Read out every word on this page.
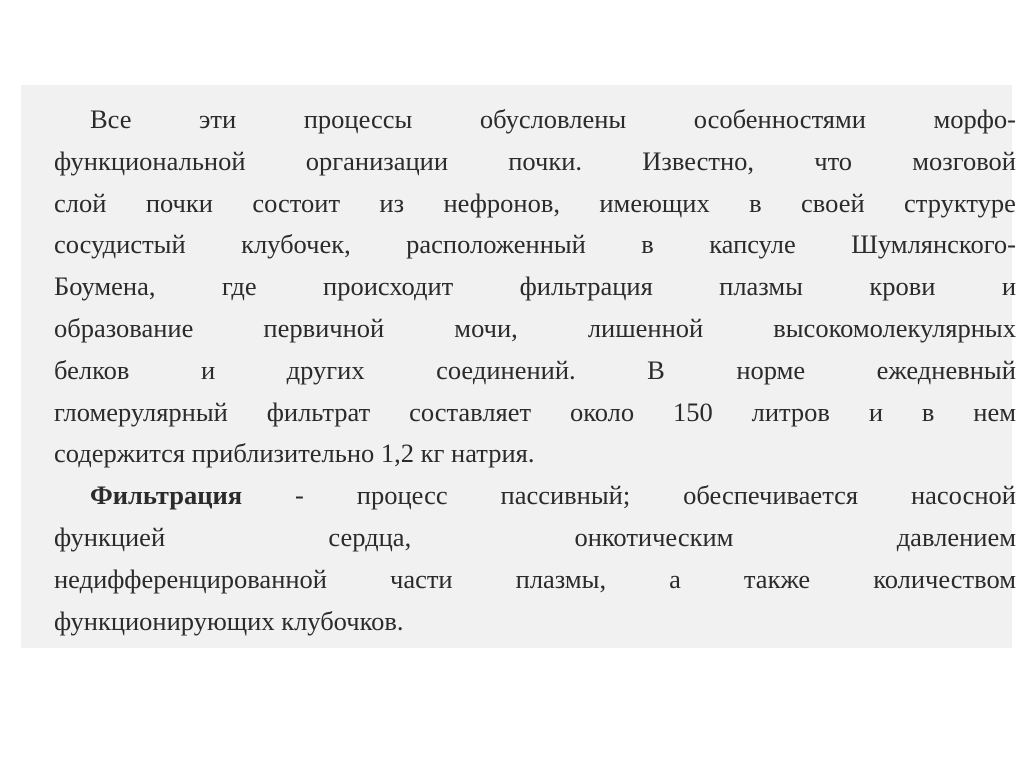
Все	эти	процессы	обусловлены	особенностями	морфо-
функциональной организации почки. Известно, что мозговой
слой почки состоит из нефронов, имеющих в своей структуре
сосудистый клубочек, расположенный в капсуле Шумлянского-
Боумена,	где	происходит	фильтрация	плазмы	крови	и
образование	первичной	мочи,	лишенной	высокомолекулярных
белков	и	других	соединений.	В	норме	ежедневный
гломерулярный фильтрат составляет около 150 литров и в нем
содержится приблизительно 1,2 кг натрия.
Фильтрация - процесс пассивный; обеспечивается насосной
функцией	сердца,	онкотическим	давлением
недифференцированной части плазмы, а также количеством
функционирующих клубочков.
